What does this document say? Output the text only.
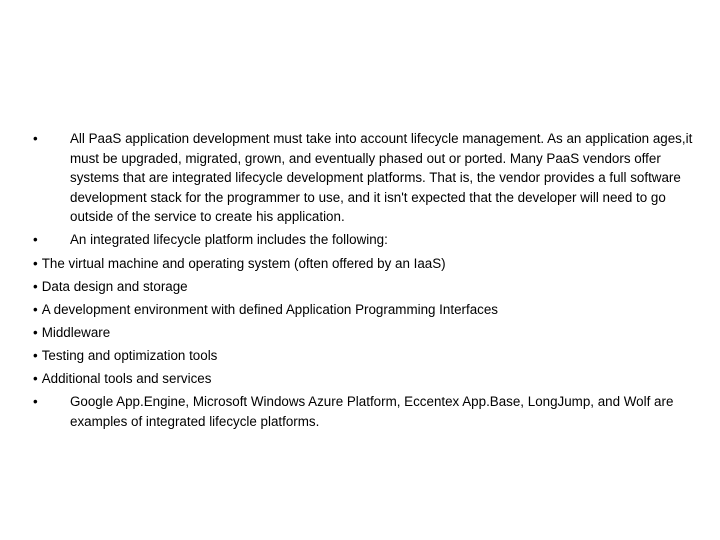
• All PaaS application development must take into account lifecycle management. As an application ages,it must be upgraded, migrated, grown, and eventually phased out or ported. Many PaaS vendors offer systems that are integrated lifecycle development platforms. That is, the vendor provides a full software development stack for the programmer to use, and it isn't expected that the developer will need to go outside of the service to create his application.

• An integrated lifecycle platform includes the following:

• The virtual machine and operating system (often offered by an IaaS)

• Data design and storage

• A development environment with defined Application Programming Interfaces

• Middleware

• Testing and optimization tools

• Additional tools and services

• Google App.Engine, Microsoft Windows Azure Platform, Eccentex App.Base, LongJump, and Wolf are examples of integrated lifecycle platforms.
